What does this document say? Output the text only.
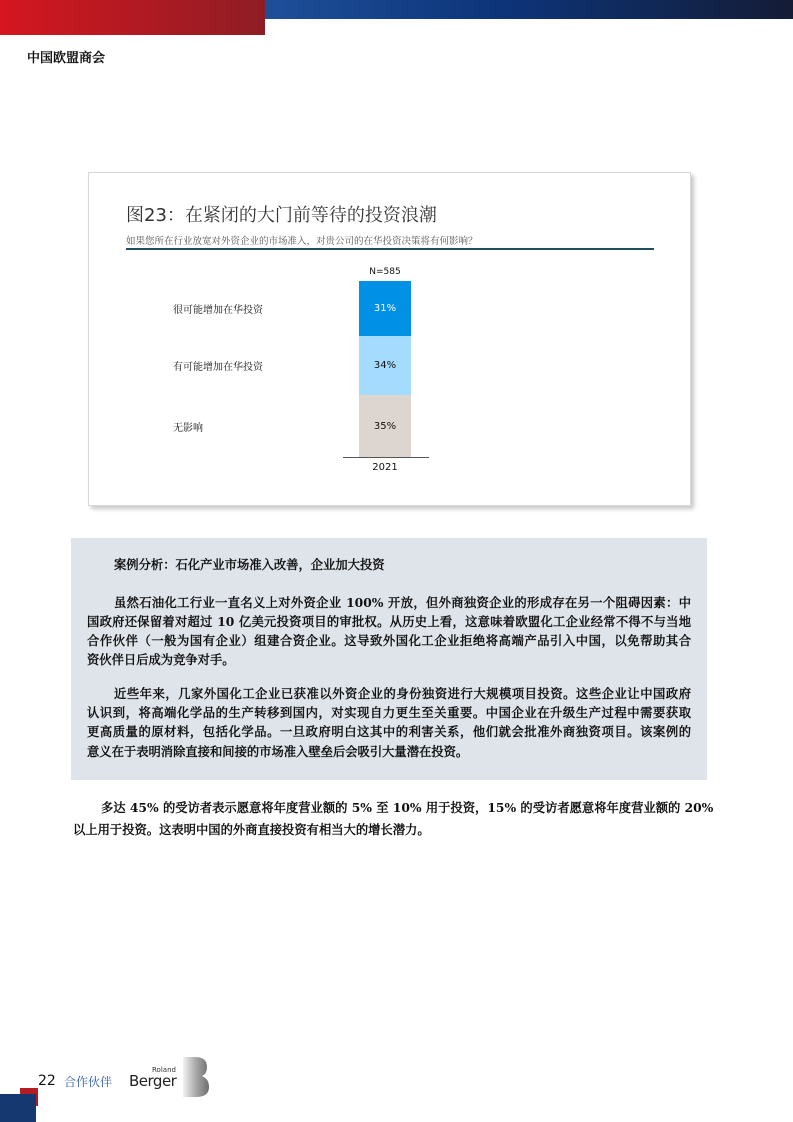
中国欧盟商会
图23：在紧闭的大门前等待的投资浪潮
如果您所在行业放宽对外资企业的市场准入，对贵公司的在华投资决策将有何影响？
N=585
31%
很可能增加在华投资
34%
有可能增加在华投资
35%
无影响
2021
案例分析：石化产业市场准入改善，企业加大投资
虽然石油化工行业一直名义上对外资企业 100% 开放，但外商独资企业的形成存在另一个阻碍因素：中
国政府还保留着对超过 10 亿美元投资项目的审批权。从历史上看，这意味着欧盟化工企业经常不得不与当地
合作伙伴（一般为国有企业）组建合资企业。这导致外国化工企业拒绝将高端产品引入中国，以免帮助其合
资伙伴日后成为竞争对手。
近些年来，几家外国化工企业已获准以外资企业的身份独资进行大规模项目投资。这些企业让中国政府
认识到，将高端化学品的生产转移到国内，对实现自力更生至关重要。中国企业在升级生产过程中需要获取
更高质量的原材料，包括化学品。一旦政府明白这其中的利害关系，他们就会批准外商独资项目。该案例的
意义在于表明消除直接和间接的市场准入壁垒后会吸引大量潜在投资。
多达 45% 的受访者表示愿意将年度营业额的 5% 至 10% 用于投资，15% 的受访者愿意将年度营业额的 20%
以上用于投资。这表明中国的外商直接投资有相当大的增长潜力。
22 合作伙伴
Roland
Berger
